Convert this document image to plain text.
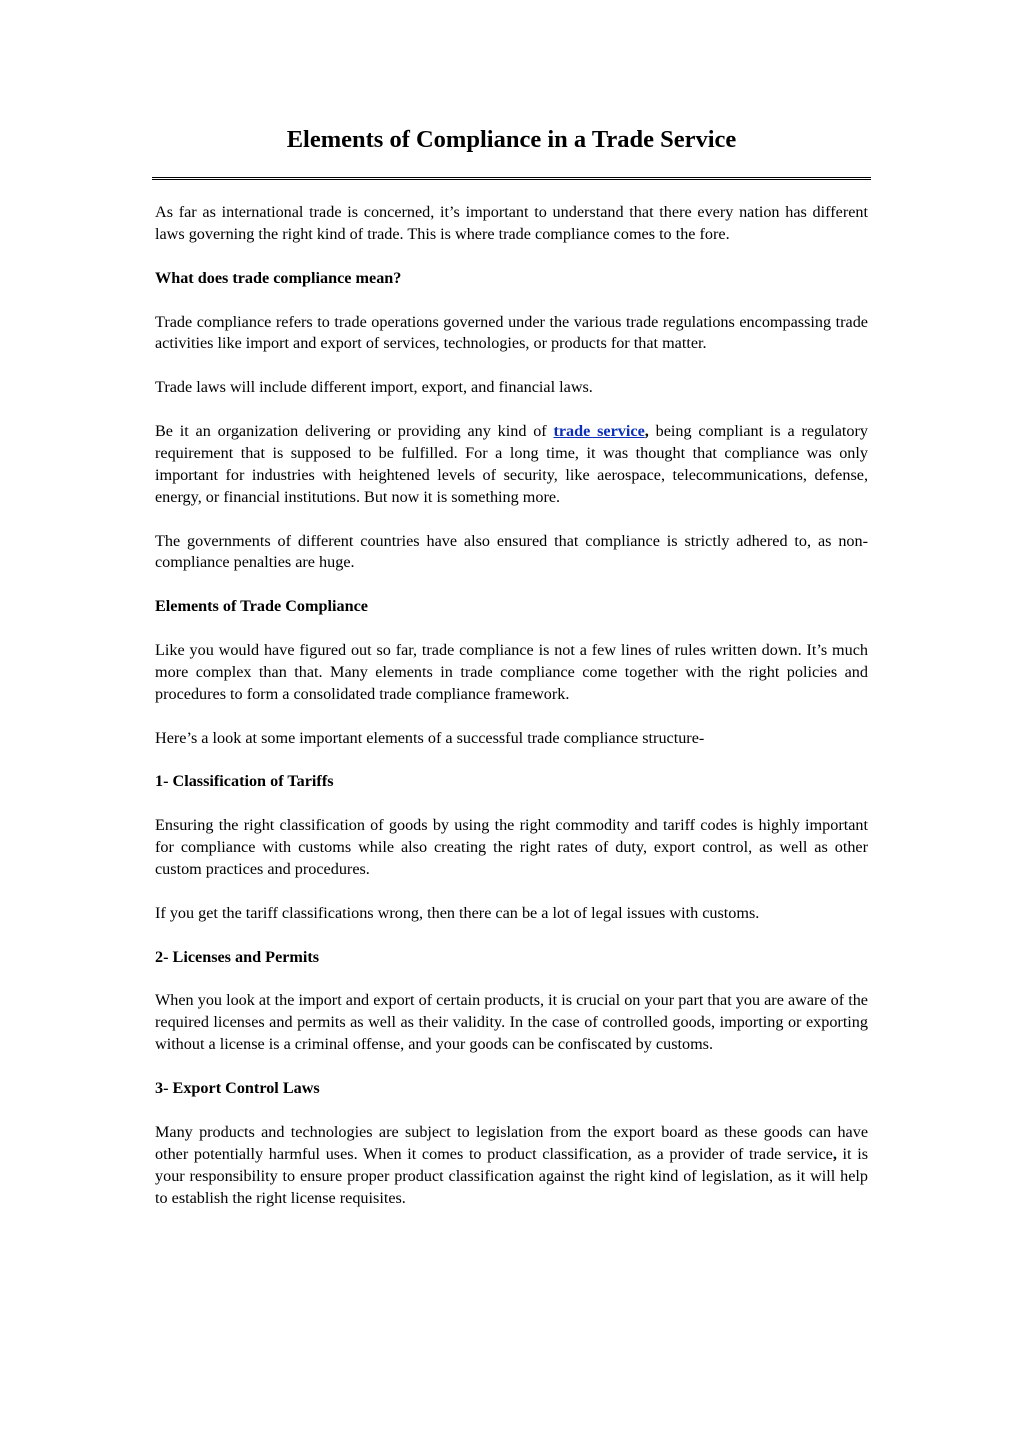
Elements of Compliance in a Trade Service

As far as international trade is concerned, it’s important to understand that there every nation has different laws governing the right kind of trade. This is where trade compliance comes to the fore.

What does trade compliance mean?

Trade compliance refers to trade operations governed under the various trade regulations encompassing trade activities like import and export of services, technologies, or products for that matter.

Trade laws will include different import, export, and financial laws.

Be it an organization delivering or providing any kind of trade service, being compliant is a regulatory requirement that is supposed to be fulfilled. For a long time, it was thought that compliance was only important for industries with heightened levels of security, like aerospace, telecommunications, defense, energy, or financial institutions. But now it is something more.

The governments of different countries have also ensured that compliance is strictly adhered to, as non-compliance penalties are huge.

Elements of Trade Compliance

Like you would have figured out so far, trade compliance is not a few lines of rules written down. It’s much more complex than that. Many elements in trade compliance come together with the right policies and procedures to form a consolidated trade compliance framework.

Here’s a look at some important elements of a successful trade compliance structure-

1- Classification of Tariffs

Ensuring the right classification of goods by using the right commodity and tariff codes is highly important for compliance with customs while also creating the right rates of duty, export control, as well as other custom practices and procedures.

If you get the tariff classifications wrong, then there can be a lot of legal issues with customs.

2- Licenses and Permits

When you look at the import and export of certain products, it is crucial on your part that you are aware of the required licenses and permits as well as their validity. In the case of controlled goods, importing or exporting without a license is a criminal offense, and your goods can be confiscated by customs.

3- Export Control Laws

Many products and technologies are subject to legislation from the export board as these goods can have other potentially harmful uses. When it comes to product classification, as a provider of trade service, it is your responsibility to ensure proper product classification against the right kind of legislation, as it will help to establish the right license requisites.
